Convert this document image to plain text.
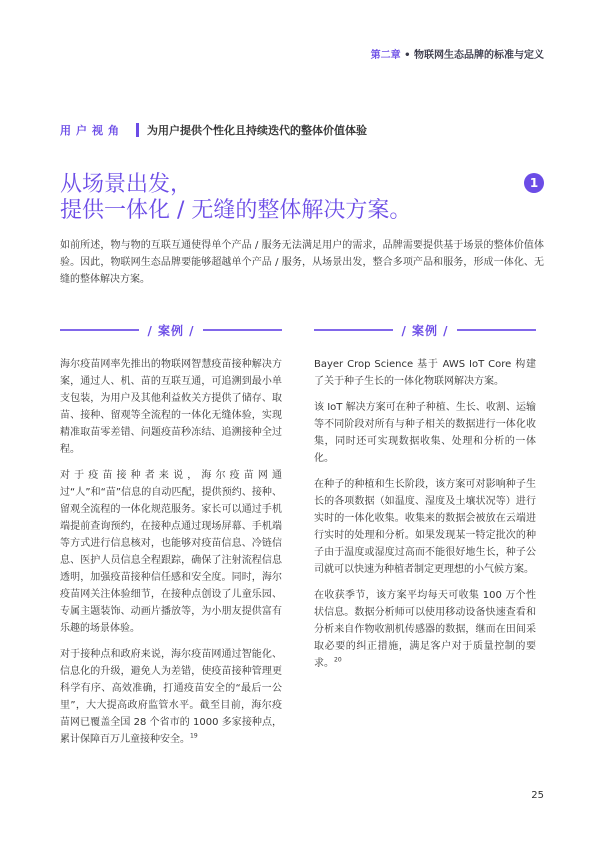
第二章 • 物联网生态品牌的标准与定义
用户视角 为用户提供个性化且持续迭代的整体价值体验
从场景出发，
提供一体化 / 无缝的整体解决方案。
1
如前所述，物与物的互联互通使得单个产品 / 服务无法满足用户的需求，品牌需要提供基于场景的整体价值体验。因此，物联网生态品牌要能够超越单个产品 / 服务，从场景出发，整合多项产品和服务，形成一体化、无缝的整体解决方案。
/ 案例 /

海尔疫苗网率先推出的物联网智慧疫苗接种解决方案，通过人、机、苗的互联互通，可追溯到最小单支包装，为用户及其他利益攸关方提供了储存、取苗、接种、留观等全流程的一体化无缝体验，实现精准取苗零差错、问题疫苗秒冻结、追溯接种全过程。

对于疫苗接种者来说，海尔疫苗网通过“人”和“苗”信息的自动匹配，提供预约、接种、留观全流程的一体化规范服务。家长可以通过手机端提前查询预约，在接种点通过现场屏幕、手机端等方式进行信息核对，也能够对疫苗信息、冷链信息、医护人员信息全程跟踪，确保了注射流程信息透明，加强疫苗接种信任感和安全度。同时，海尔疫苗网关注体验细节，在接种点创设了儿童乐园、专属主题装饰、动画片播放等，为小朋友提供富有乐趣的场景体验。

对于接种点和政府来说，海尔疫苗网通过智能化、信息化的升级，避免人为差错，使疫苗接种管理更科学有序、高效准确，打通疫苗安全的“最后一公里”，大大提高政府监管水平。截至目前，海尔疫苗网已覆盖全国 28 个省市的 1000 多家接种点，累计保障百万儿童接种安全。$^{19}$

/ 案例 /

Bayer Crop Science 基于 AWS IoT Core 构建了关于种子生长的一体化物联网解决方案。

该 IoT 解决方案可在种子种植、生长、收割、运输等不同阶段对所有与种子相关的数据进行一体化收集，同时还可实现数据收集、处理和分析的一体化。

在种子的种植和生长阶段，该方案可对影响种子生长的各项数据（如温度、湿度及土壤状况等）进行实时的一体化收集。收集来的数据会被放在云端进行实时的处理和分析。如果发现某一特定批次的种子由于温度或湿度过高而不能很好地生长，种子公司就可以快速为种植者制定更理想的小气候方案。

在收获季节，该方案平均每天可收集 100 万个性状信息。数据分析师可以使用移动设备快速查看和分析来自作物收割机传感器的数据，继而在田间采取必要的纠正措施，满足客户对于质量控制的要求。$^{20}$

25
